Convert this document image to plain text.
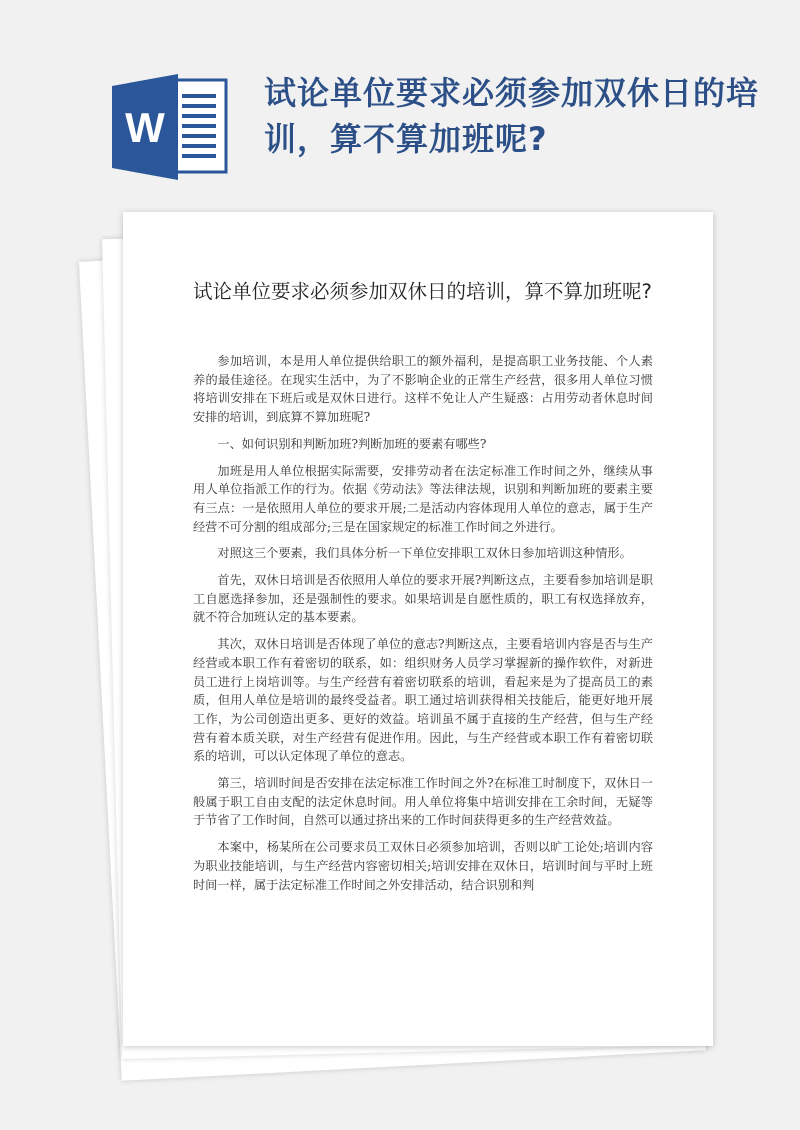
W
试论单位要求必须参加双休日的培训，算不算加班呢?
试论单位要求必须参加双休日的培训，算不算加班呢?

参加培训，本是用人单位提供给职工的额外福利，是提高职工业务技能、个人素养的最佳途径。在现实生活中，为了不影响企业的正常生产经营，很多用人单位习惯将培训安排在下班后或是双休日进行。这样不免让人产生疑惑：占用劳动者休息时间安排的培训，到底算不算加班呢?

一、如何识别和判断加班?判断加班的要素有哪些?

加班是用人单位根据实际需要，安排劳动者在法定标准工作时间之外，继续从事用人单位指派工作的行为。依据《劳动法》等法律法规，识别和判断加班的要素主要有三点：一是依照用人单位的要求开展;二是活动内容体现用人单位的意志，属于生产经营不可分割的组成部分;三是在国家规定的标准工作时间之外进行。

对照这三个要素，我们具体分析一下单位安排职工双休日参加培训这种情形。

首先，双休日培训是否依照用人单位的要求开展?判断这点，主要看参加培训是职工自愿选择参加，还是强制性的要求。如果培训是自愿性质的，职工有权选择放弃，就不符合加班认定的基本要素。

其次，双休日培训是否体现了单位的意志?判断这点，主要看培训内容是否与生产经营或本职工作有着密切的联系，如：组织财务人员学习掌握新的操作软件，对新进员工进行上岗培训等。与生产经营有着密切联系的培训，看起来是为了提高员工的素质，但用人单位是培训的最终受益者。职工通过培训获得相关技能后，能更好地开展工作，为公司创造出更多、更好的效益。培训虽不属于直接的生产经营，但与生产经营有着本质关联，对生产经营有促进作用。因此，与生产经营或本职工作有着密切联系的培训，可以认定体现了单位的意志。

第三，培训时间是否安排在法定标准工作时间之外?在标准工时制度下，双休日一般属于职工自由支配的法定休息时间。用人单位将集中培训安排在工余时间，无疑等于节省了工作时间，自然可以通过挤出来的工作时间获得更多的生产经营效益。

本案中，杨某所在公司要求员工双休日必须参加培训，否则以旷工论处;培训内容为职业技能培训，与生产经营内容密切相关;培训安排在双休日，培训时间与平时上班时间一样，属于法定标准工作时间之外安排活动，结合识别和判
